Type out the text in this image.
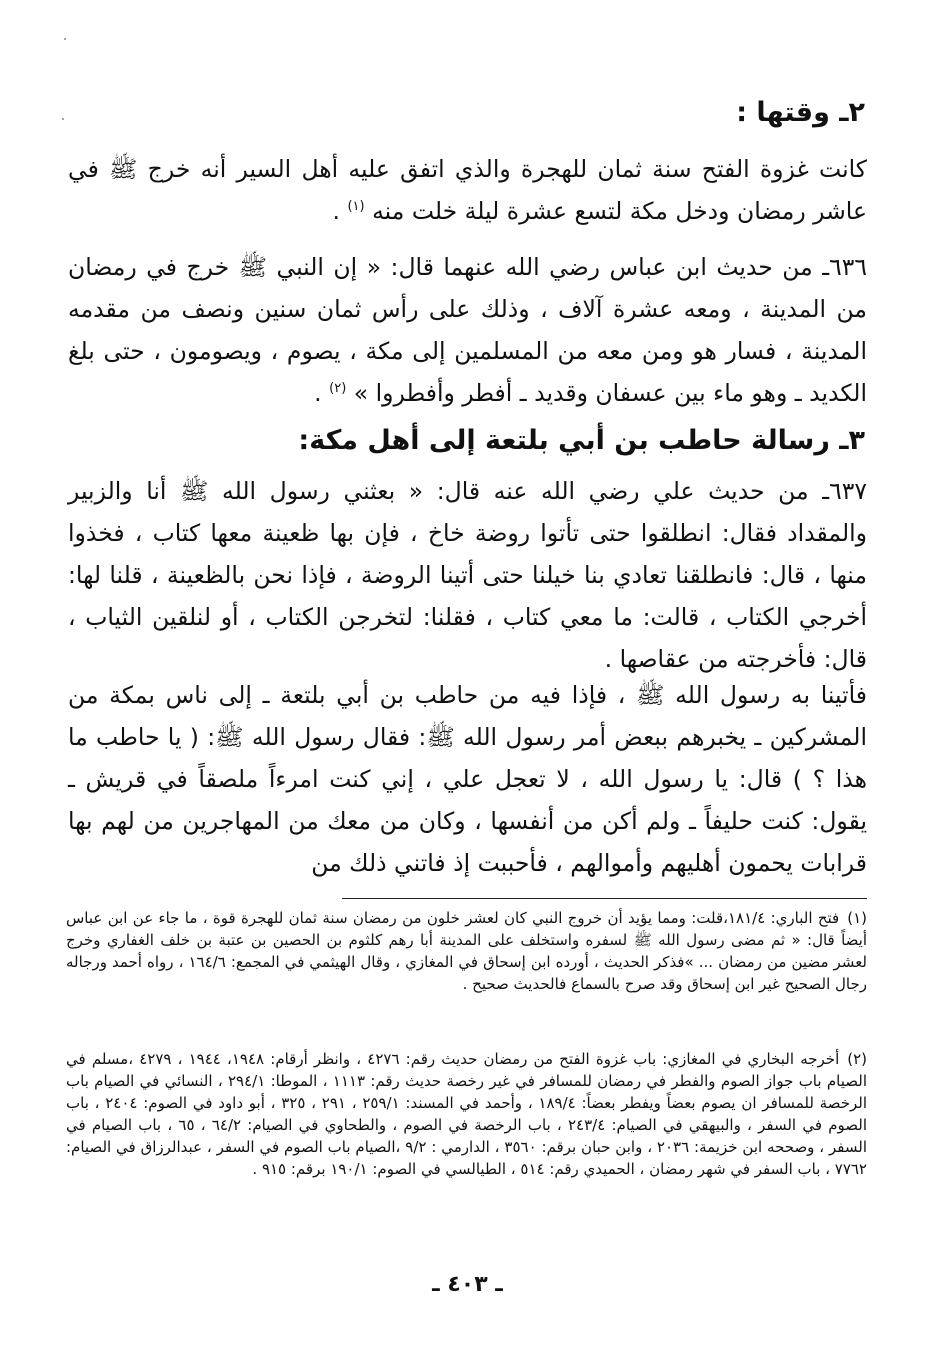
٢ـ وقتها :

كانت غزوة الفتح سنة ثمان للهجرة والذي اتفق عليه أهل السير أنه خرج ﷺ في عاشر رمضان ودخل مكة لتسع عشرة ليلة خلت منه $^{(١)}$ .

٦٣٦ـ من حديث ابن عباس رضي الله عنهما قال: « إن النبي ﷺ خرج في رمضان من المدينة ، ومعه عشرة آلاف ، وذلك على رأس ثمان سنين ونصف من مقدمه المدينة ، فسار هو ومن معه من المسلمين إلى مكة ، يصوم ، ويصومون ، حتى بلغ الكديد ـ وهو ماء بين عسفان وقديد ـ أفطر وأفطروا » $^{(٢)}$ .

٣ـ رسالة حاطب بن أبي بلتعة إلى أهل مكة:

٦٣٧ـ من حديث علي رضي الله عنه قال: « بعثني رسول الله ﷺ أنا والزبير والمقداد فقال: انطلقوا حتى تأتوا روضة خاخ ، فإن بها ظعينة معها كتاب ، فخذوا منها ، قال: فانطلقنا تعادي بنا خيلنا حتى أتينا الروضة ، فإذا نحن بالظعينة ، قلنا لها: أخرجي الكتاب ، قالت: ما معي كتاب ، فقلنا: لتخرجن الكتاب ، أو لنلقين الثياب ، قال: فأخرجته من عقاصها .

فأتينا به رسول الله ﷺ ، فإذا فيه من حاطب بن أبي بلتعة ـ إلى ناس بمكة من المشركين ـ يخبرهم ببعض أمر رسول الله ﷺ: فقال رسول الله ﷺ: ( يا حاطب ما هذا ؟ ) قال: يا رسول الله ، لا تعجل علي ، إني كنت امرءاً ملصقاً في قريش ـ يقول: كنت حليفاً ـ ولم أكن من أنفسها ، وكان من معك من المهاجرين من لهم بها قرابات يحمون أهليهم وأموالهم ، فأحببت إذ فاتني ذلك من

(١)فتح الباري: ١٨١/٤،قلت: ومما يؤيد أن خروج النبي كان لعشر خلون من رمضان سنة ثمان للهجرة قوة ، ما جاء عن ابن عباس أيضاً قال: « ثم مضى رسول الله ﷺ لسفره واستخلف على المدينة أبا رهم كلثوم بن الحصين بن عتبة بن خلف الغفاري وخرج لعشر مضين من رمضان ... »فذكر الحديث ، أورده ابن إسحاق في المغازي ، وقال الهيثمي في المجمع: ١٦٤/٦ ، رواه أحمد ورجاله رجال الصحيح غير ابن إسحاق وقد صرح بالسماع فالحديث صحيح .

(٢)أخرجه البخاري في المغازي: باب غزوة الفتح من رمضان حديث رقم: ٤٢٧٦ ، وانظر أرقام: ١٩٤٨، ١٩٤٤ ، ٤٢٧٩ ،مسلم في الصيام باب جواز الصوم والفطر في رمضان للمسافر في غير رخصة حديث رقم: ١١١٣ ، الموطا: ٢٩٤/١ ، النسائي في الصيام باب الرخصة للمسافر ان يصوم بعضاً ويفطر بعضاً: ١٨٩/٤ ، وأحمد في المسند: ٢٥٩/١ ، ٢٩١ ، ٣٢٥ ، أبو داود في الصوم: ٢٤٠٤ ، باب الصوم في السفر ، والبيهقي في الصيام: ٢٤٣/٤ ، باب الرخصة في الصوم ، والطحاوي في الصيام: ٦٤/٢ ، ٦٥ ، باب الصيام في السفر ، وصححه ابن خزيمة: ٢٠٣٦ ، وابن حبان برقم: ٣٥٦٠ ، الدارمي : ٩/٢ ،الصيام باب الصوم في السفر ، عبدالرزاق في الصيام: ٧٧٦٢ ، باب السفر في شهر رمضان ، الحميدي رقم: ٥١٤ ، الطيالسي في الصوم: ١٩٠/١ برقم: ٩١٥ .

ـ ٤٠٣ ـ
